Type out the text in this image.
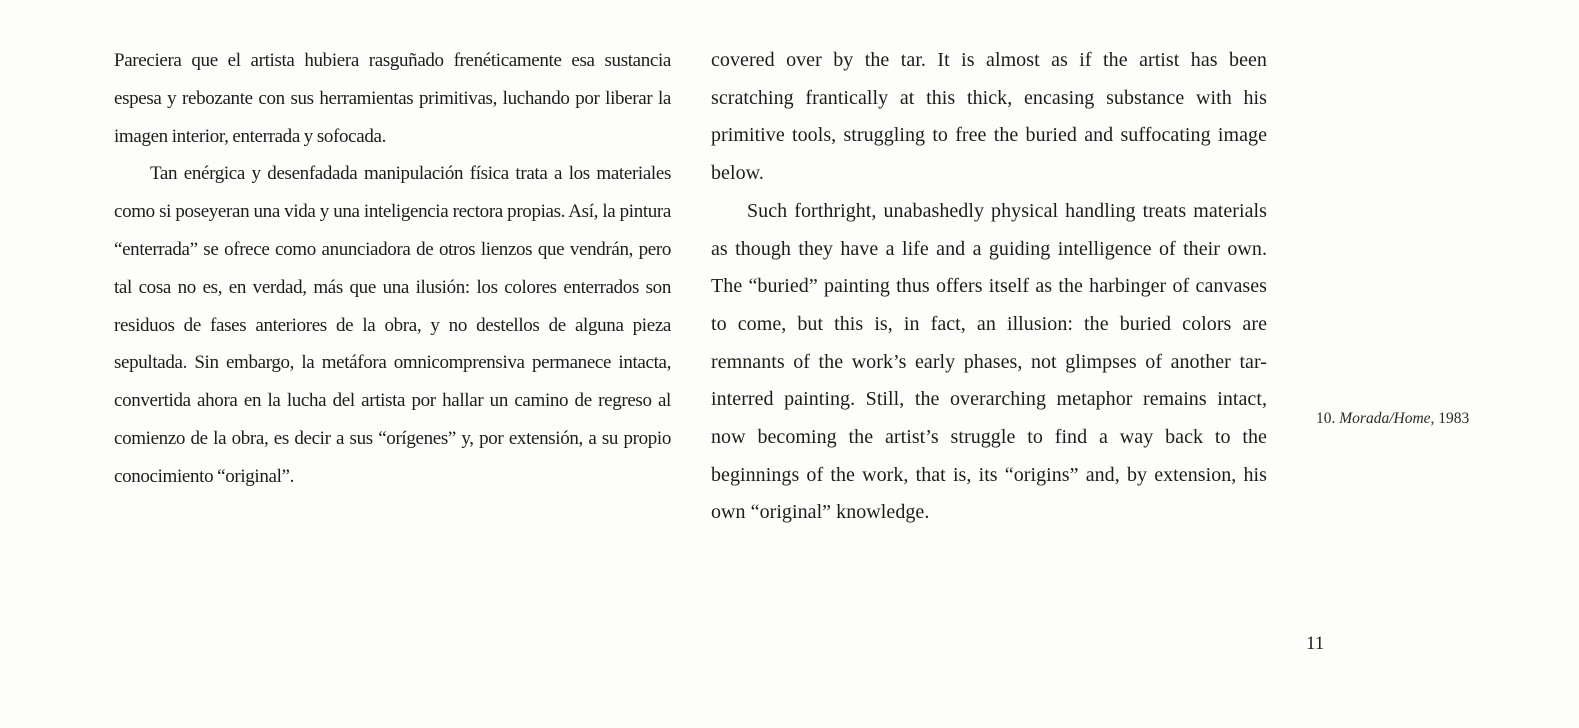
Pareciera que el artista hubiera rasguñado frenéticamente esa sustancia espesa y rebozante con sus herramientas primitivas, luchando por liberar la imagen interior, enterrada y sofocada.

Tan enérgica y desenfadada manipulación física trata a los materiales como si poseyeran una vida y una inteligencia rectora propias. Así, la pintura “enterrada” se ofrece como anunciadora de otros lienzos que vendrán, pero tal cosa no es, en verdad, más que una ilusión: los colores enterrados son residuos de fases anteriores de la obra, y no destellos de alguna pieza sepultada. Sin embargo, la metáfora omnicomprensiva permanece intacta, convertida ahora en la lucha del artista por hallar un camino de regreso al comienzo de la obra, es decir a sus “orígenes” y, por extensión, a su propio conocimiento “original”.

covered over by the tar. It is almost as if the artist has been scratching frantically at this thick, encasing substance with his primitive tools, struggling to free the buried and suffocating image below.

Such forthright, unabashedly physical handling treats materials as though they have a life and a guiding intelligence of their own. The “buried” painting thus offers itself as the harbinger of canvases to come, but this is, in fact, an illusion: the buried colors are remnants of the work’s early phases, not glimpses of another tar-interred painting. Still, the overarching metaphor remains intact, now becoming the artist’s struggle to find a way back to the beginnings of the work, that is, its “origins” and, by extension, his own “original” knowledge.

10. Morada/Home, 1983
11
